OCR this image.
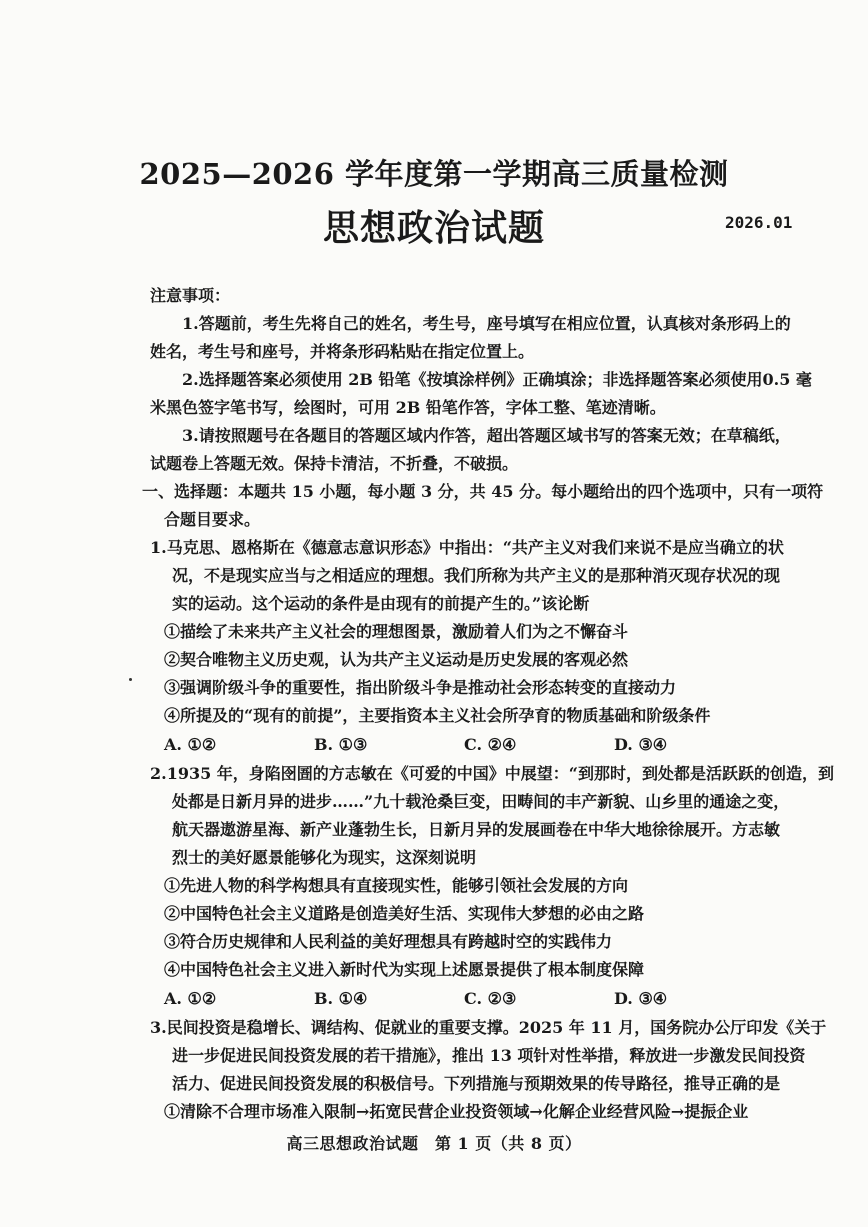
2025—2026 学年度第一学期高三质量检测
思想政治试题	2026.01
注意事项：
1.答题前，考生先将自己的姓名，考生号，座号填写在相应位置，认真核对条形码上的
姓名，考生号和座号，并将条形码粘贴在指定位置上。
2.选择题答案必须使用 2B 铅笔《按填涂样例》正确填涂；非选择题答案必须使用0.5 毫
米黑色签字笔书写，绘图时，可用 2B 铅笔作答，字体工整、笔迹清晰。
3.请按照题号在各题目的答题区域内作答，超出答题区域书写的答案无效；在草稿纸，
试题卷上答题无效。保持卡清洁，不折叠，不破损。
一、选择题：本题共 15 小题，每小题 3 分，共 45 分。每小题给出的四个选项中，只有一项符
合题目要求。
1.马克思、恩格斯在《德意志意识形态》中指出：“共产主义对我们来说不是应当确立的状
况，不是现实应当与之相适应的理想。我们所称为共产主义的是那种消灭现存状况的现
实的运动。这个运动的条件是由现有的前提产生的。”该论断
①描绘了未来共产主义社会的理想图景，激励着人们为之不懈奋斗
②契合唯物主义历史观，认为共产主义运动是历史发展的客观必然
③强调阶级斗争的重要性，指出阶级斗争是推动社会形态转变的直接动力
④所提及的“现有的前提”，主要指资本主义社会所孕育的物质基础和阶级条件
A. ①②	B. ①③	C. ②④	D. ③④
2.1935 年，身陷囹圄的方志敏在《可爱的中国》中展望：“到那时，到处都是活跃跃的创造，到
处都是日新月异的进步……”九十载沧桑巨变，田畴间的丰产新貌、山乡里的通途之变，
航天器遨游星海、新产业蓬勃生长，日新月异的发展画卷在中华大地徐徐展开。方志敏
烈士的美好愿景能够化为现实，这深刻说明
①先进人物的科学构想具有直接现实性，能够引领社会发展的方向
②中国特色社会主义道路是创造美好生活、实现伟大梦想的必由之路
③符合历史规律和人民利益的美好理想具有跨越时空的实践伟力
④中国特色社会主义进入新时代为实现上述愿景提供了根本制度保障
A. ①②	B. ①④	C. ②③	D. ③④
3.民间投资是稳增长、调结构、促就业的重要支撑。2025 年 11 月，国务院办公厅印发《关于
进一步促进民间投资发展的若干措施》，推出 13 项针对性举措，释放进一步激发民间投资
活力、促进民间投资发展的积极信号。下列措施与预期效果的传导路径，推导正确的是
①清除不合理市场准入限制→拓宽民营企业投资领域→化解企业经营风险→提振企业
高三思想政治试题　第 1 页（共 8 页）
